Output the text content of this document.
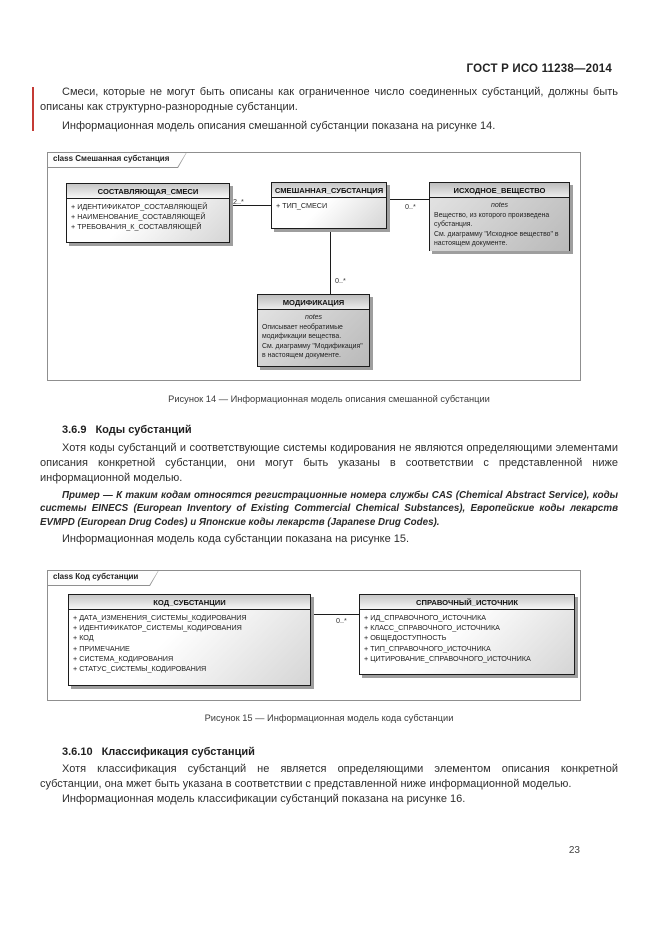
ГОСТ Р ИСО 11238—2014

Смеси, которые не могут быть описаны как ограниченное число соединенных субстанций, должны быть описаны как структурно-разнородные субстанции.

Информационная модель описания смешанной субстанции показана на рисунке 14.

class Смешанная субстанция
2..*
0..*
0..*
СОСТАВЛЯЮЩАЯ_СМЕСИ
+ ИДЕНТИФИКАТОР_СОСТАВЛЯЮЩЕЙ
+ НАИМЕНОВАНИЕ_СОСТАВЛЯЮЩЕЙ
+ ТРЕБОВАНИЯ_К_СОСТАВЛЯЮЩЕЙ
СМЕШАННАЯ_СУБСТАНЦИЯ
+ ТИП_СМЕСИ
ИСХОДНОЕ_ВЕЩЕСТВО
notes
Вещество, из которого произведена субстанция.
См. диаграмму "Исходное вещество" в настоящем документе.
МОДИФИКАЦИЯ
notes
Описывает необратимые модификации вещества.
См. диаграмму "Модификация" в настоящем документе.
Рисунок 14 — Информационная модель описания смешанной субстанции
3.6.9 Коды субстанций

Хотя коды субстанций и соответствующие системы кодирования не являются определяющими элементами описания конкретной субстанции, они могут быть указаны в соответствии с представленной ниже информационной моделью.

Пример — К таким кодам относятся регистрационные номера службы CAS (Chemical Abstract Service), коды системы EINECS (European Inventory of Existing Commercial Chemical Substances), Европейские коды лекарств EVMPD (European Drug Codes) и Японские коды лекарств (Japanese Drug Codes).

Информационная модель кода субстанции показана на рисунке 15.

class Код субстанции
0..*
КОД_СУБСТАНЦИИ
+ ДАТА_ИЗМЕНЕНИЯ_СИСТЕМЫ_КОДИРОВАНИЯ
+ ИДЕНТИФИКАТОР_СИСТЕМЫ_КОДИРОВАНИЯ
+ КОД
+ ПРИМЕЧАНИЕ
+ СИСТЕМА_КОДИРОВАНИЯ
+ СТАТУС_СИСТЕМЫ_КОДИРОВАНИЯ
СПРАВОЧНЫЙ_ИСТОЧНИК
+ ИД_СПРАВОЧНОГО_ИСТОЧНИКА
+ КЛАСС_СПРАВОЧНОГО_ИСТОЧНИКА
+ ОБЩЕДОСТУПНОСТЬ
+ ТИП_СПРАВОЧНОГО_ИСТОЧНИКА
+ ЦИТИРОВАНИЕ_СПРАВОЧНОГО_ИСТОЧНИКА
Рисунок 15 — Информационная модель кода субстанции
3.6.10 Классификация субстанций

Хотя классификация субстанций не является определяющими элементом описания конкретной субстанции, она мжет быть указана в соответствии с представленной ниже информационной моделью.

Информационная модель классификации субстанций показана на рисунке 16.

23
